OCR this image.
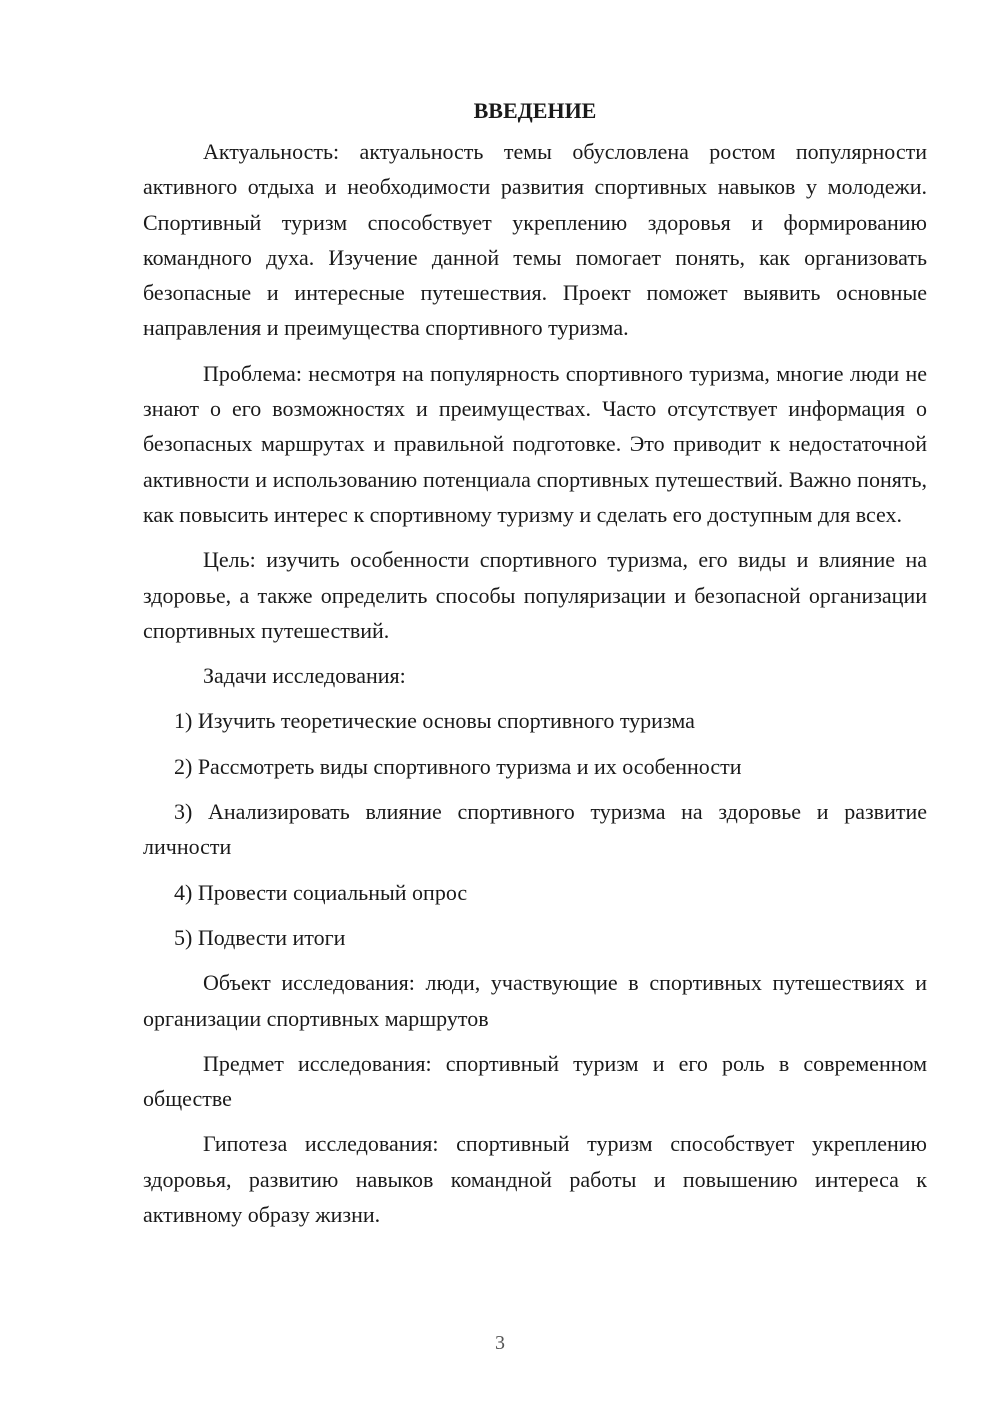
ВВЕДЕНИЕ

Актуальность: актуальность темы обусловлена ростом популярности активного отдыха и необходимости развития спортивных навыков у молодежи. Спортивный туризм способствует укреплению здоровья и формированию командного духа. Изучение данной темы помогает понять, как организовать безопасные и интересные путешествия. Проект поможет выявить основные направления и преимущества спортивного туризма.

Проблема: несмотря на популярность спортивного туризма, многие люди не знают о его возможностях и преимуществах. Часто отсутствует информация о безопасных маршрутах и правильной подготовке. Это приводит к недостаточной активности и использованию потенциала спортивных путешествий. Важно понять, как повысить интерес к спортивному туризму и сделать его доступным для всех.

Цель: изучить особенности спортивного туризма, его виды и влияние на здоровье, а также определить способы популяризации и безопасной организации спортивных путешествий.

Задачи исследования:

1) Изучить теоретические основы спортивного туризма

2) Рассмотреть виды спортивного туризма и их особенности

3) Анализировать влияние спортивного туризма на здоровье и развитие личности

4) Провести социальный опрос

5) Подвести итоги

Объект исследования: люди, участвующие в спортивных путешествиях и организации спортивных маршрутов

Предмет исследования: спортивный туризм и его роль в современном обществе

Гипотеза исследования: спортивный туризм способствует укреплению здоровья, развитию навыков командной работы и повышению интереса к активному образу жизни.

3
